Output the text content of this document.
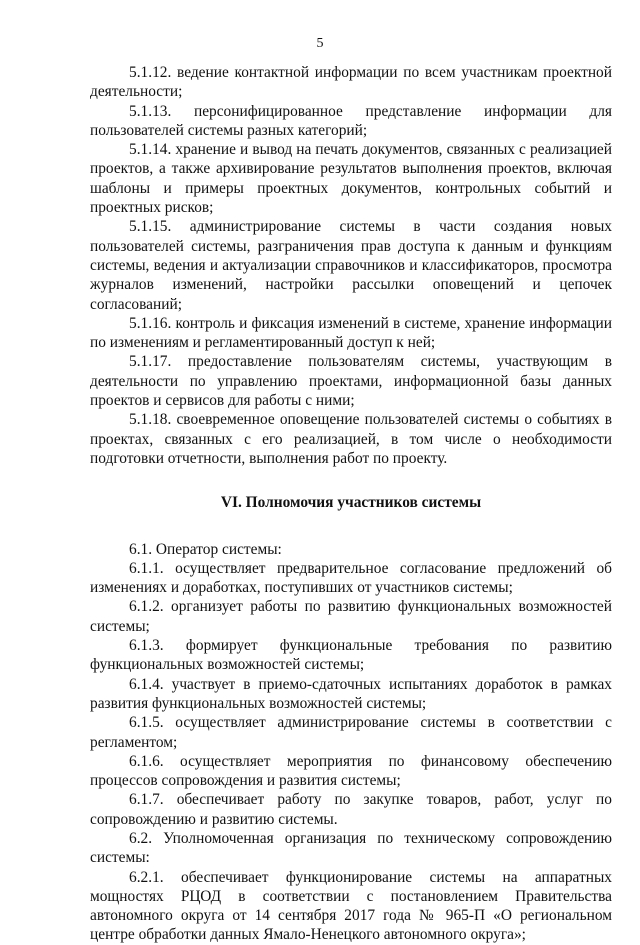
5

5.1.12. ведение контактной информации по всем участникам проектной деятельности;

5.1.13. персонифицированное представление информации для пользователей системы разных категорий;

5.1.14. хранение и вывод на печать документов, связанных с реализацией проектов, а также архивирование результатов выполнения проектов, включая шаблоны и примеры проектных документов, контрольных событий и проектных рисков;

5.1.15. администрирование системы в части создания новых пользователей системы, разграничения прав доступа к данным и функциям системы, ведения и актуализации справочников и классификаторов, просмотра журналов изменений, настройки рассылки оповещений и цепочек согласований;

5.1.16. контроль и фиксация изменений в системе, хранение информации по изменениям и регламентированный доступ к ней;

5.1.17. предоставление пользователям системы, участвующим в деятельности по управлению проектами, информационной базы данных проектов и сервисов для работы с ними;

5.1.18. своевременное оповещение пользователей системы о событиях в проектах, связанных с его реализацией, в том числе о необходимости подготовки отчетности, выполнения работ по проекту.

VI. Полномочия участников системы

6.1. Оператор системы:

6.1.1. осуществляет предварительное согласование предложений об изменениях и доработках, поступивших от участников системы;

6.1.2. организует работы по развитию функциональных возможностей системы;

6.1.3. формирует функциональные требования по развитию функциональных возможностей системы;

6.1.4. участвует в приемо-сдаточных испытаниях доработок в рамках развития функциональных возможностей системы;

6.1.5. осуществляет администрирование системы в соответствии с регламентом;

6.1.6. осуществляет мероприятия по финансовому обеспечению процессов сопровождения и развития системы;

6.1.7. обеспечивает работу по закупке товаров, работ, услуг по сопровождению и развитию системы.

6.2. Уполномоченная организация по техническому сопровождению системы:

6.2.1. обеспечивает функционирование системы на аппаратных мощностях РЦОД в соответствии с постановлением Правительства автономного округа от 14 сентября 2017 года № 965-П «О региональном центре обработки данных Ямало-Ненецкого автономного округа»;
